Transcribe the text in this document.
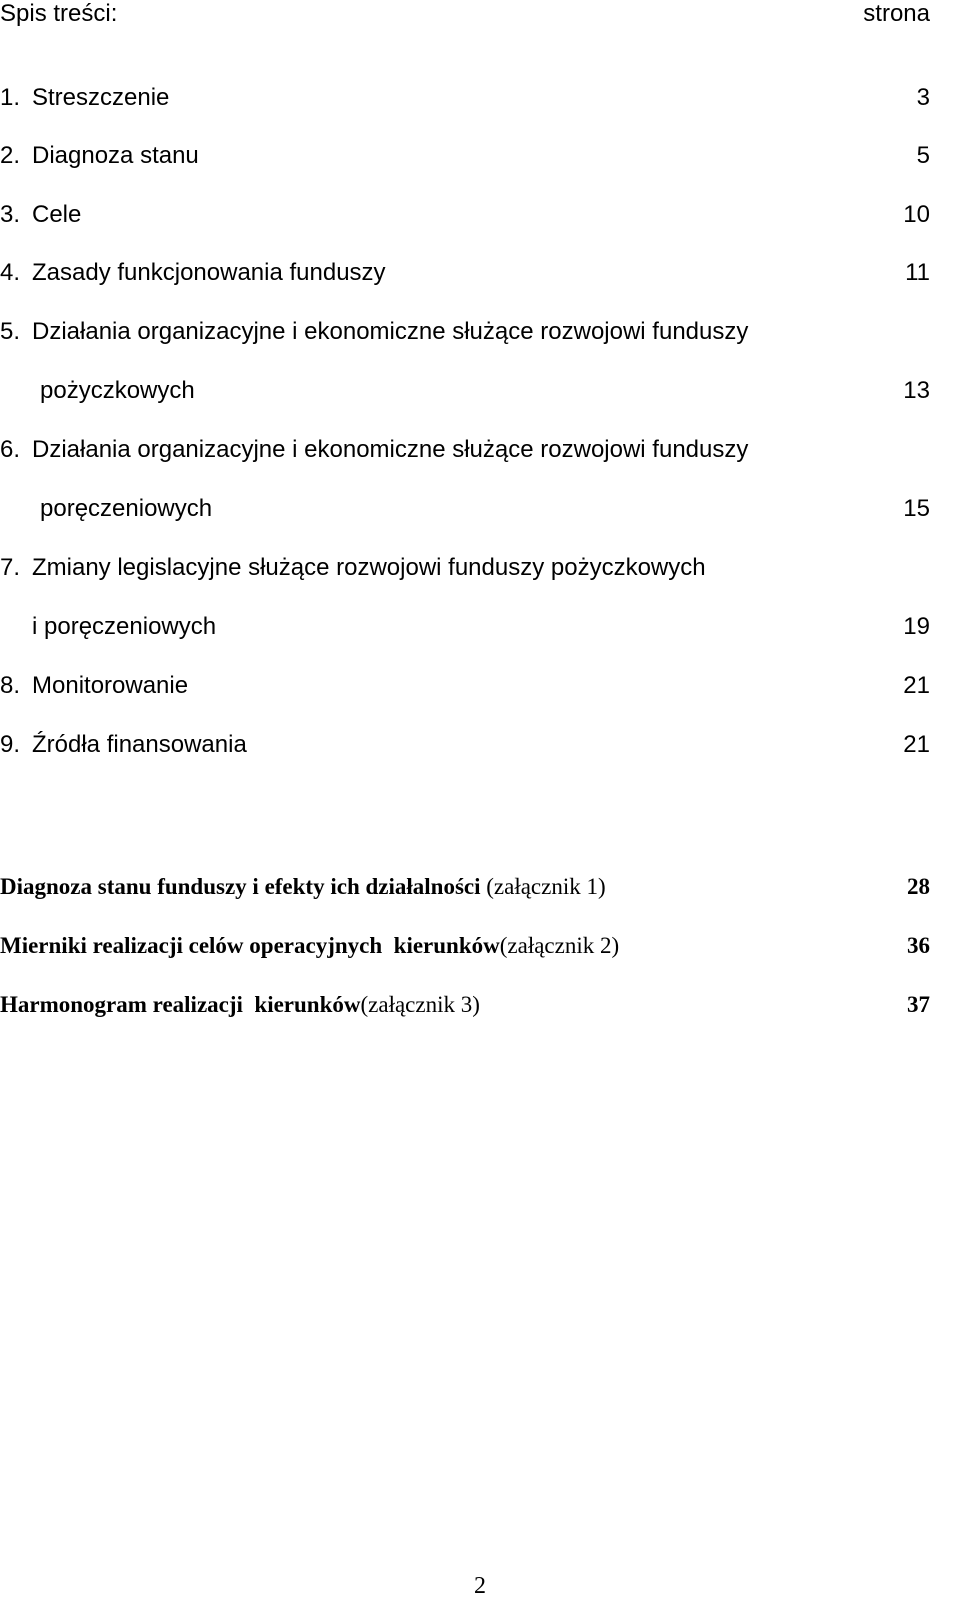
Spis treści:	strona
1. Streszczenie	3
2. Diagnoza stanu	5
3. Cele	10
4. Zasady funkcjonowania funduszy	11
5. Działania organizacyjne i ekonomiczne służące rozwojowi funduszy
pożyczkowych	13
6. Działania organizacyjne i ekonomiczne służące rozwojowi funduszy
poręczeniowych	15
7. Zmiany legislacyjne służące rozwojowi funduszy pożyczkowych
i poręczeniowych	19
8. Monitorowanie	21
9. Źródła finansowania	21
Diagnoza stanu funduszy i efekty ich działalności (załącznik 1)	28
Mierniki realizacji celów operacyjnych  kierunków(załącznik 2)	36
Harmonogram realizacji  kierunków(załącznik 3)	37
2
